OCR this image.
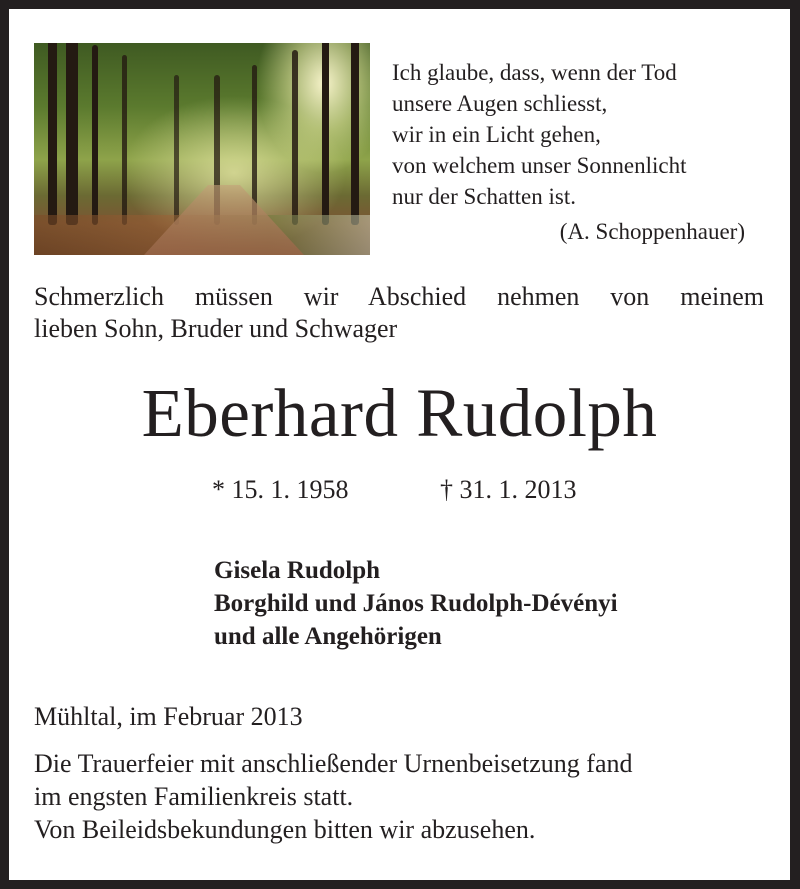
Ich glaube, dass, wenn der Tod
unsere Augen schliesst,
wir in ein Licht gehen,
von welchem unser Sonnenlicht
nur der Schatten ist.
(A. Schoppenhauer)
Schmerzlich müssen wir Abschied nehmen von meinem
lieben Sohn, Bruder und Schwager
Eberhard Rudolph
* 15. 1. 1958	† 31. 1. 2013
Gisela Rudolph
Borghild und János Rudolph-Dévényi
und alle Angehörigen
Mühltal, im Februar 2013
Die Trauerfeier mit anschließender Urnenbeisetzung fand
im engsten Familienkreis statt.
Von Beileidsbekundungen bitten wir abzusehen.
